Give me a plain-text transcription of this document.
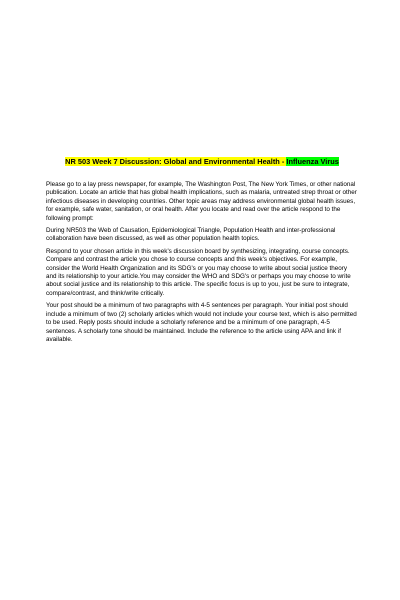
NR 503 Week 7 Discussion: Global and Environmental Health - Influenza Virus

Please go to a lay press newspaper, for example, The Washington Post, The New York Times, or other national publication. Locate an article that has global health implications, such as malaria, untreated strep throat or other infectious diseases in developing countries. Other topic areas may address environmental global health issues, for example, safe water, sanitation, or oral health. After you locate and read over the article respond to the following prompt:

During NR503 the Web of Causation, Epidemiological Triangle, Population Health and inter-professional collaboration have been discussed, as well as other population health topics.

Respond to your chosen article in this week's discussion board by synthesizing, integrating, course concepts. Compare and contrast the article you chose to course concepts and this week's objectives. For example, consider the World Health Organization and its SDG's or you may choose to write about social justice theory and its relationship to your article.You may consider the WHO and SDG's or perhaps you may choose to write about social justice and its relationship to this article. The specific focus is up to you, just be sure to integrate, compare/contrast, and think/write critically.

Your post should be a minimum of two paragraphs with 4-5 sentences per paragraph. Your initial post should include a minimum of two (2) scholarly articles which would not include your course text, which is also permitted to be used. Reply posts should include a scholarly reference and be a minimum of one paragraph, 4-5 sentences. A scholarly tone should be maintained. Include the reference to the article using APA and link if available.
